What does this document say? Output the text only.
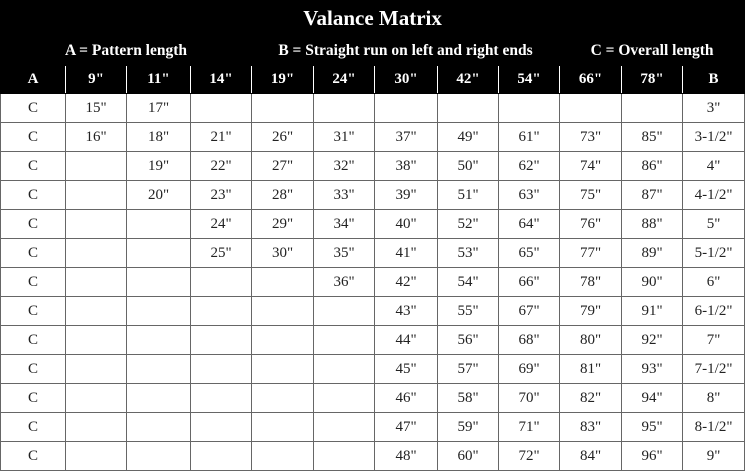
Valance Matrix											
A = Pattern length				B = Straight run on left and right ends					C = Overall length		
A	9"	11"	14"	19"	24"	30"	42"	54"	66"	78"	B
C	15"	17"									3"
C	16"	18"	21"	26"	31"	37"	49"	61"	73"	85"	3-1/2"
C		19"	22"	27"	32"	38"	50"	62"	74"	86"	4"
C		20"	23"	28"	33"	39"	51"	63"	75"	87"	4-1/2"
C			24"	29"	34"	40"	52"	64"	76"	88"	5"
C			25"	30"	35"	41"	53"	65"	77"	89"	5-1/2"
C					36"	42"	54"	66"	78"	90"	6"
C						43"	55"	67"	79"	91"	6-1/2"
C						44"	56"	68"	80"	92"	7"
C						45"	57"	69"	81"	93"	7-1/2"
C						46"	58"	70"	82"	94"	8"
C						47"	59"	71"	83"	95"	8-1/2"
C						48"	60"	72"	84"	96"	9"
